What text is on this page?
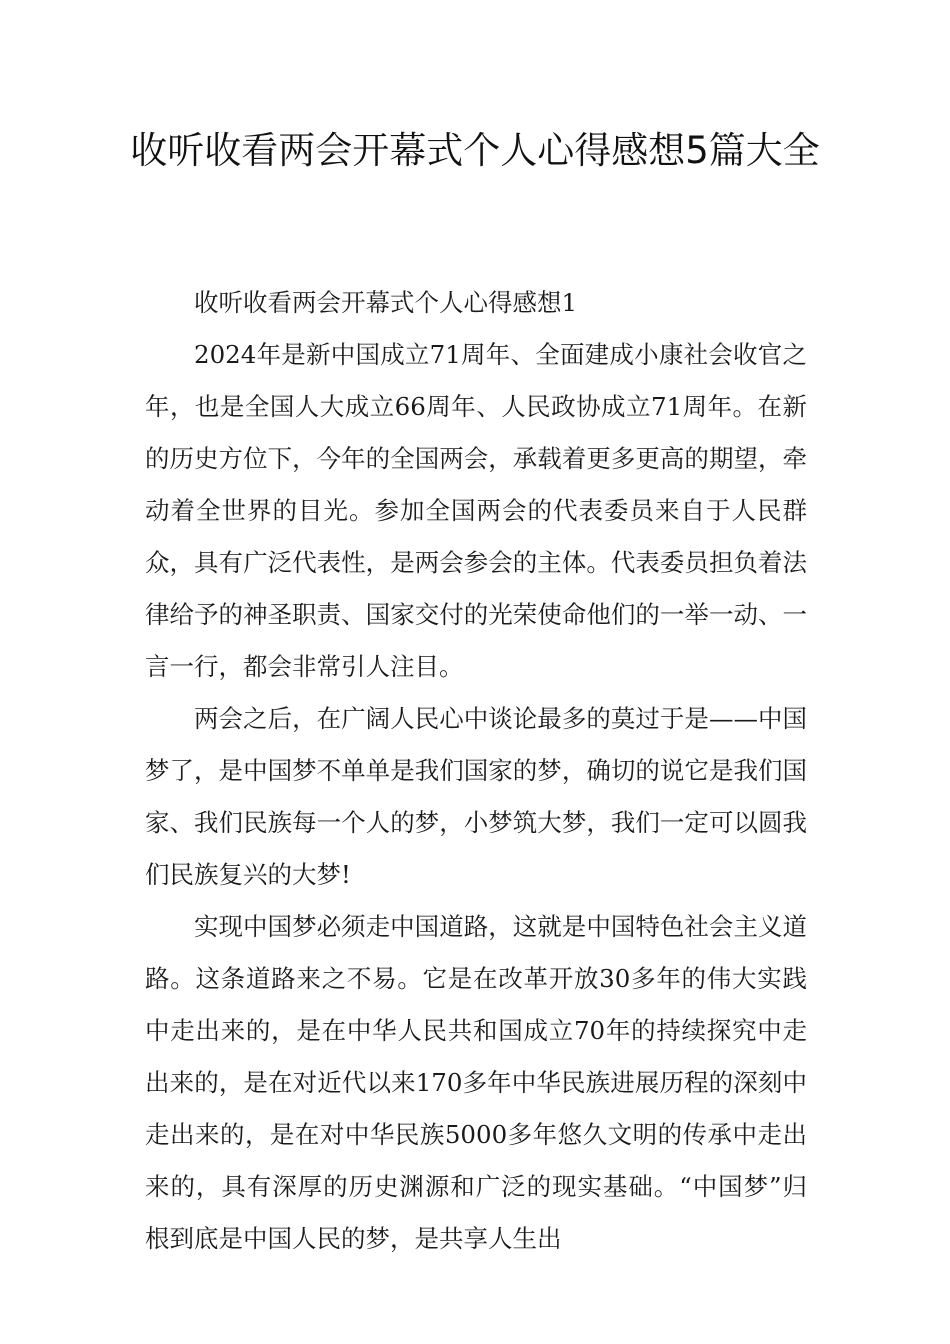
收听收看两会开幕式个人心得感想5篇大全

收听收看两会开幕式个人心得感想1

2024年是新中国成立71周年、全面建成小康社会收官之年，也是全国人大成立66周年、人民政协成立71周年。在新的历史方位下，今年的全国两会，承载着更多更高的期望，牵动着全世界的目光。参加全国两会的代表委员来自于人民群众，具有广泛代表性，是两会参会的主体。代表委员担负着法律给予的神圣职责、国家交付的光荣使命他们的一举一动、一言一行，都会非常引人注目。

两会之后，在广阔人民心中谈论最多的莫过于是——中国梦了，是中国梦不单单是我们国家的梦，确切的说它是我们国家、我们民族每一个人的梦，小梦筑大梦，我们一定可以圆我们民族复兴的大梦!

实现中国梦必须走中国道路，这就是中国特色社会主义道路。这条道路来之不易。它是在改革开放30多年的伟大实践中走出来的，是在中华人民共和国成立70年的持续探究中走出来的，是在对近代以来170多年中华民族进展历程的深刻中走出来的，是在对中华民族5000多年悠久文明的传承中走出来的，具有深厚的历史渊源和广泛的现实基础。“中国梦”归根到底是中国人民的梦，是共享人生出
